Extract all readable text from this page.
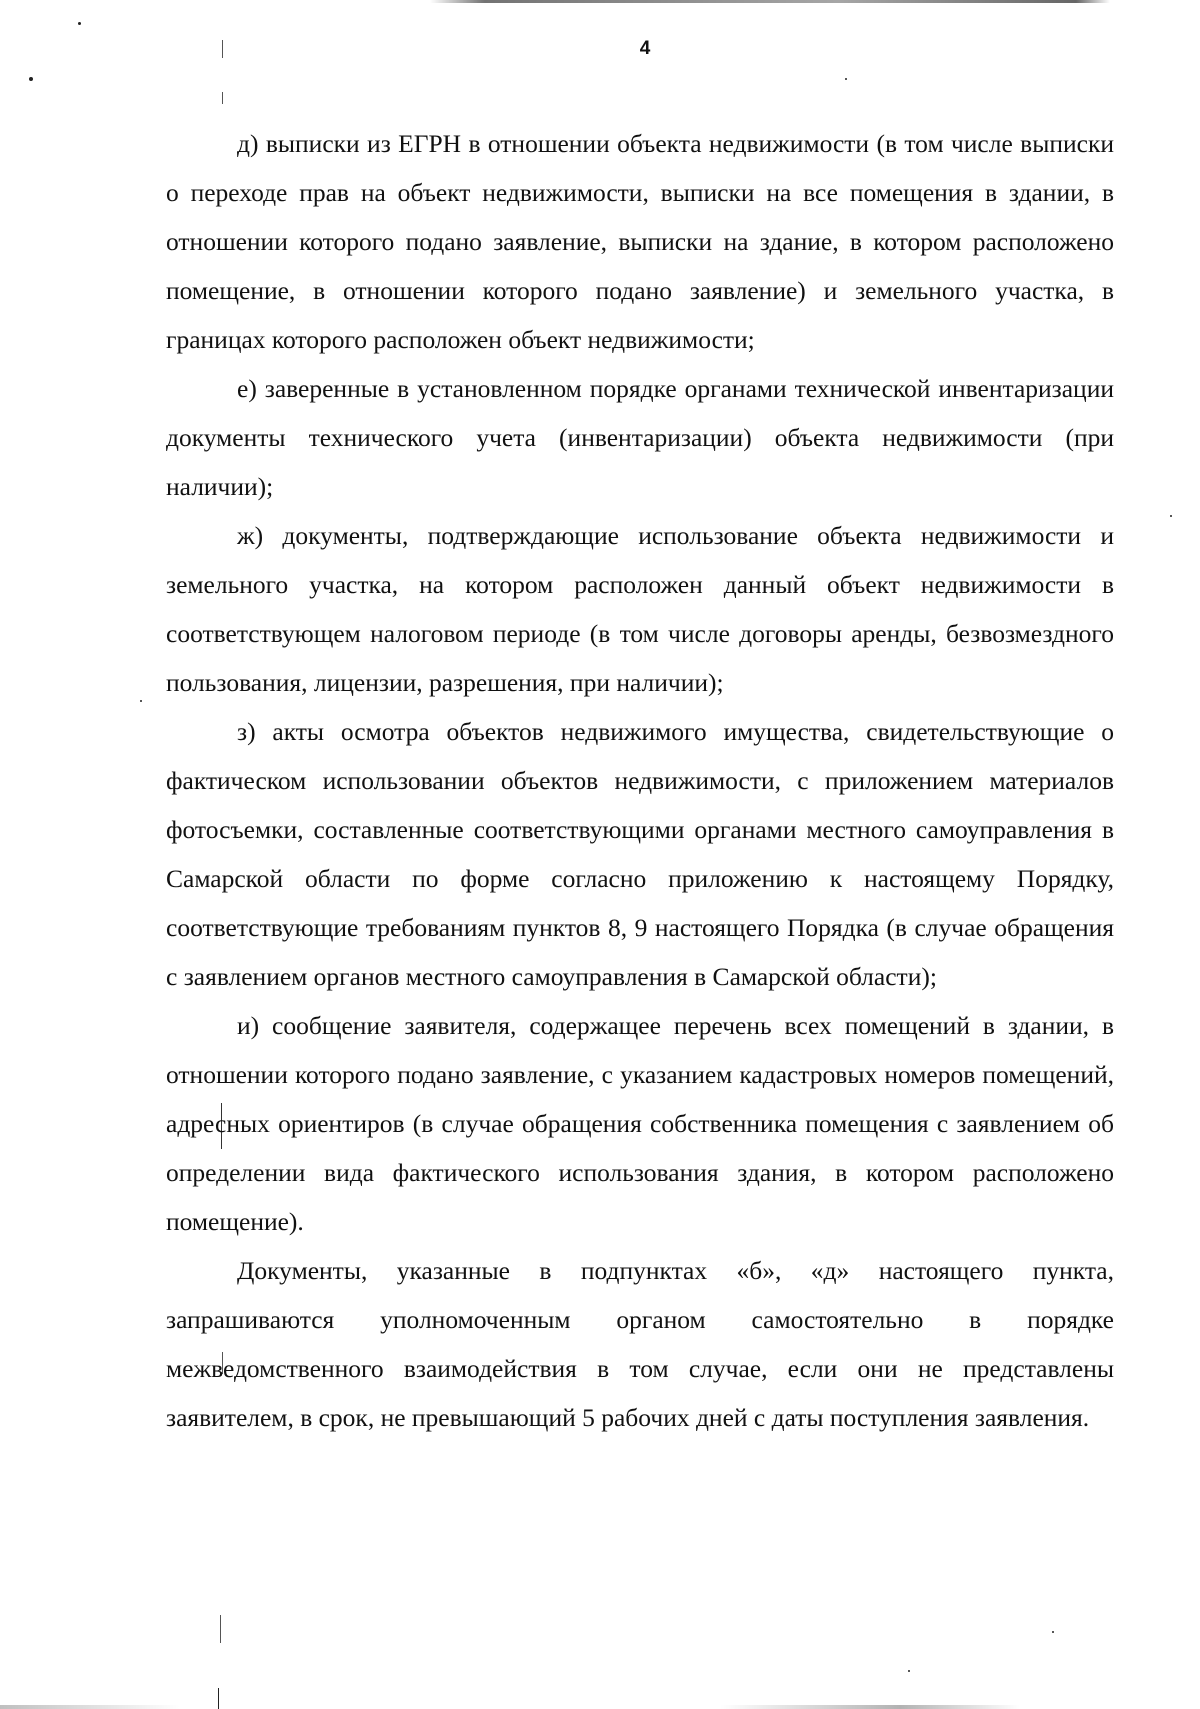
4

д) выписки из ЕГРН в отношении объекта недвижимости (в том числе выписки о переходе прав на объект недвижимости, выписки на все помещения в здании, в отношении которого подано заявление, выписки на здание, в котором расположено помещение, в отношении которого подано заявление) и земельного участка, в границах которого расположен объект недвижимости;

е) заверенные в установленном порядке органами технической инвентаризации документы технического учета (инвентаризации) объекта недвижимости (при наличии);

ж) документы, подтверждающие использование объекта недвижимости и земельного участка, на котором расположен данный объект недвижимости в соответствующем налоговом периоде (в том числе договоры аренды, безвозмездного пользования, лицензии, разрешения, при наличии);

з) акты осмотра объектов недвижимого имущества, свидетельствующие о фактическом использовании объектов недвижимости, с приложением материалов фотосъемки, составленные соответствующими органами местного самоуправления в Самарской области по форме согласно приложению к настоящему Порядку, соответствующие требованиям пунктов 8, 9 настоящего Порядка (в случае обращения с заявлением органов местного самоуправления в Самарской области);

и) сообщение заявителя, содержащее перечень всех помещений в здании, в отношении которого подано заявление, с указанием кадастровых номеров помещений, адресных ориентиров (в случае обращения собственника помещения с заявлением об определении вида фактического использования здания, в котором расположено помещение).

Документы, указанные в подпунктах «б», «д» настоящего пункта, запрашиваются уполномоченным органом самостоятельно в порядке межведомственного взаимодействия в том случае, если они не представлены заявителем, в срок, не превышающий 5 рабочих дней с даты поступления заявления.
